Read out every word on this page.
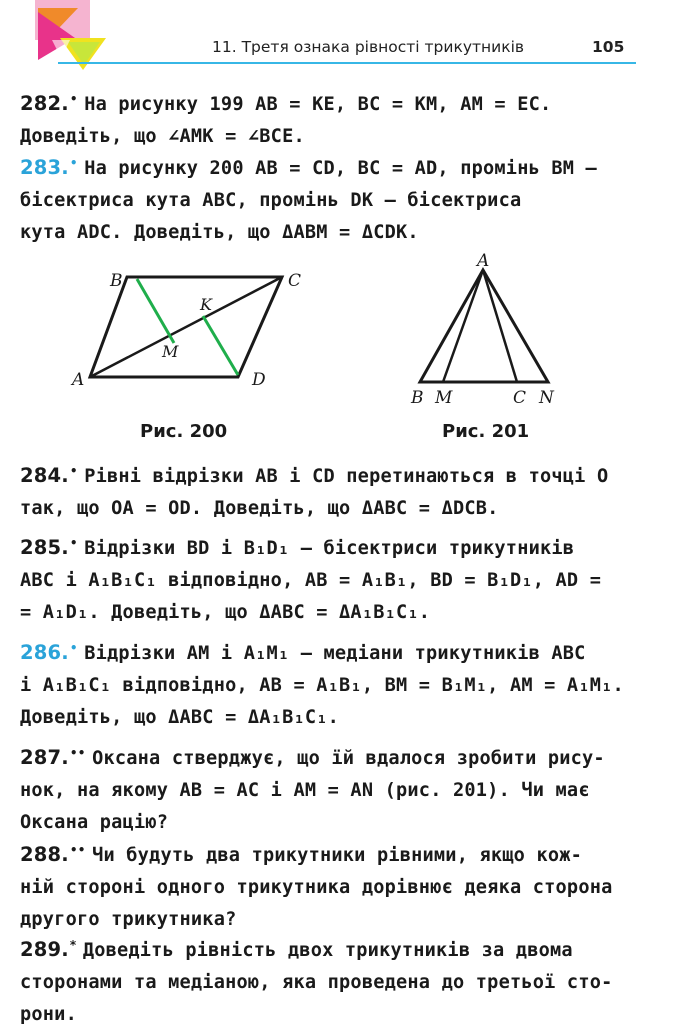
11. Третя ознака рівності трикутників	105
282.• На рисунку 199 AB = KE, BC = KM, AM = EC.
Доведіть, що ∠AMK = ∠BCE.
283.• На рисунку 200 AB = CD, BC = AD, промінь BM —
бісектриса кута ABC, промінь DK — бісектриса
кута ADC. Доведіть, що ΔABM = ΔCDK.
B	C
A	D
K
M
Рис. 200
A
B M	C N
Рис. 201
284.• Рівні відрізки AB і CD перетинаються в точці O
так, що OA = OD. Доведіть, що ΔABC = ΔDCB.
285.• Відрізки BD і B₁D₁ — бісектриси трикутників
ABC і A₁B₁C₁ відповідно, AB = A₁B₁, BD = B₁D₁, AD =
= A₁D₁. Доведіть, що ΔABC = ΔA₁B₁C₁.
286.• Відрізки AM і A₁M₁ — медіани трикутників ABC
і A₁B₁C₁ відповідно, AB = A₁B₁, BM = B₁M₁, AM = A₁M₁.
Доведіть, що ΔABC = ΔA₁B₁C₁.
287.•• Оксана стверджує, що їй вдалося зробити рису-
нок, на якому AB = AC і AM = AN (рис. 201). Чи має
Оксана рацію?
288.•• Чи будуть два трикутники рівними, якщо кож-
ній стороні одного трикутника дорівнює деяка сторона
другого трикутника?
289.* Доведіть рівність двох трикутників за двома
сторонами та медіаною, яка проведена до третьої сто-
рони.
